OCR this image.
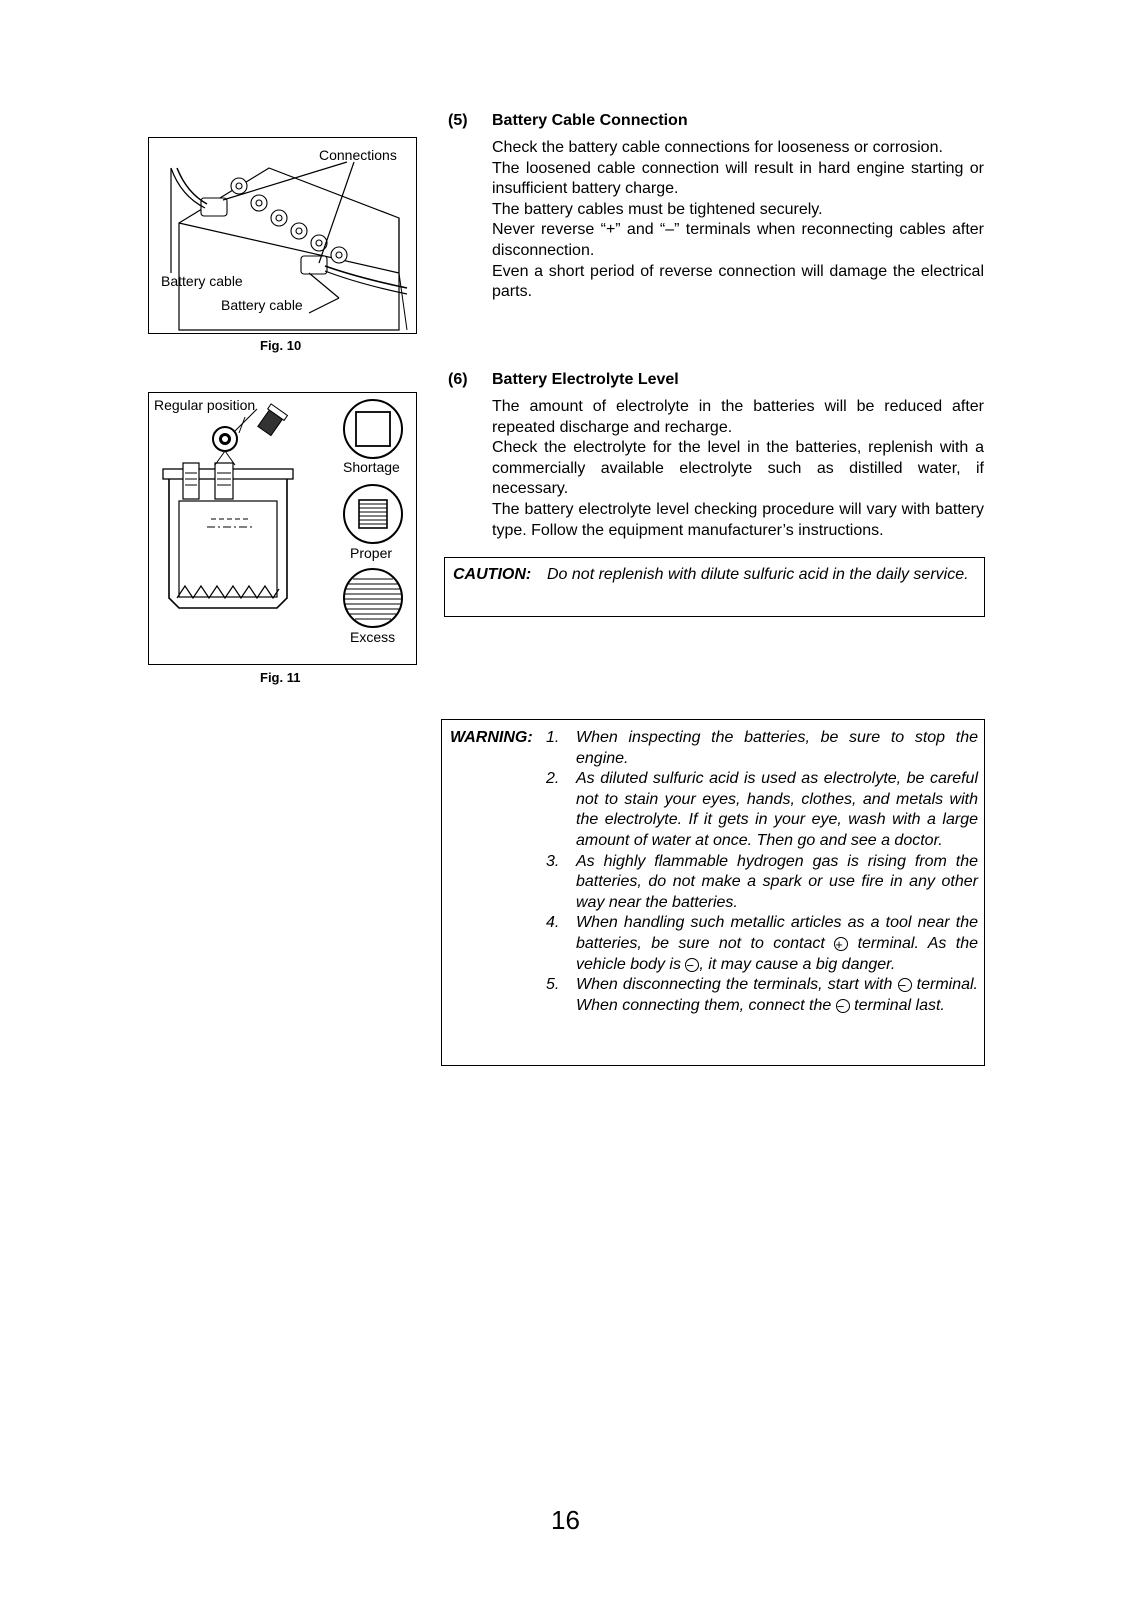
Connections
Battery cable
Battery cable
Fig. 10
Regular position
Shortage
Proper
Excess
Fig. 11
(5) Battery Cable Connection

Check the battery cable connections for looseness or corrosion.

The loosened cable connection will result in hard engine starting or insufficient battery charge.

The battery cables must be tightened securely.

Never reverse “+” and “–” terminals when reconnecting cables after disconnection.

Even a short period of reverse connection will damage the electrical parts.

(6) Battery Electrolyte Level

The amount of electrolyte in the batteries will be reduced after repeated discharge and recharge.

Check the electrolyte for the level in the batteries, replenish with a commercially available electrolyte such as distilled water, if necessary.

The battery electrolyte level checking procedure will vary with battery type. Follow the equipment manufacturer’s instructions.

CAUTION: Do not replenish with dilute sulfuric acid in the daily service.
WARNING: 1. When inspecting the batteries, be sure to stop the engine.
2. As diluted sulfuric acid is used as electrolyte, be careful not to stain your eyes, hands, clothes, and metals with the electrolyte. If it gets in your eye, wash with a large amount of water at once. Then go and see a doctor.
3. As highly flammable hydrogen gas is rising from the batteries, do not make a spark or use fire in any other way near the batteries.
4. When handling such metallic articles as a tool near the batteries, be sure not to contact + terminal. As the vehicle body is − , it may cause a big danger.
5. When disconnecting the terminals, start with − terminal. When connecting them, connect the − terminal last.
16
